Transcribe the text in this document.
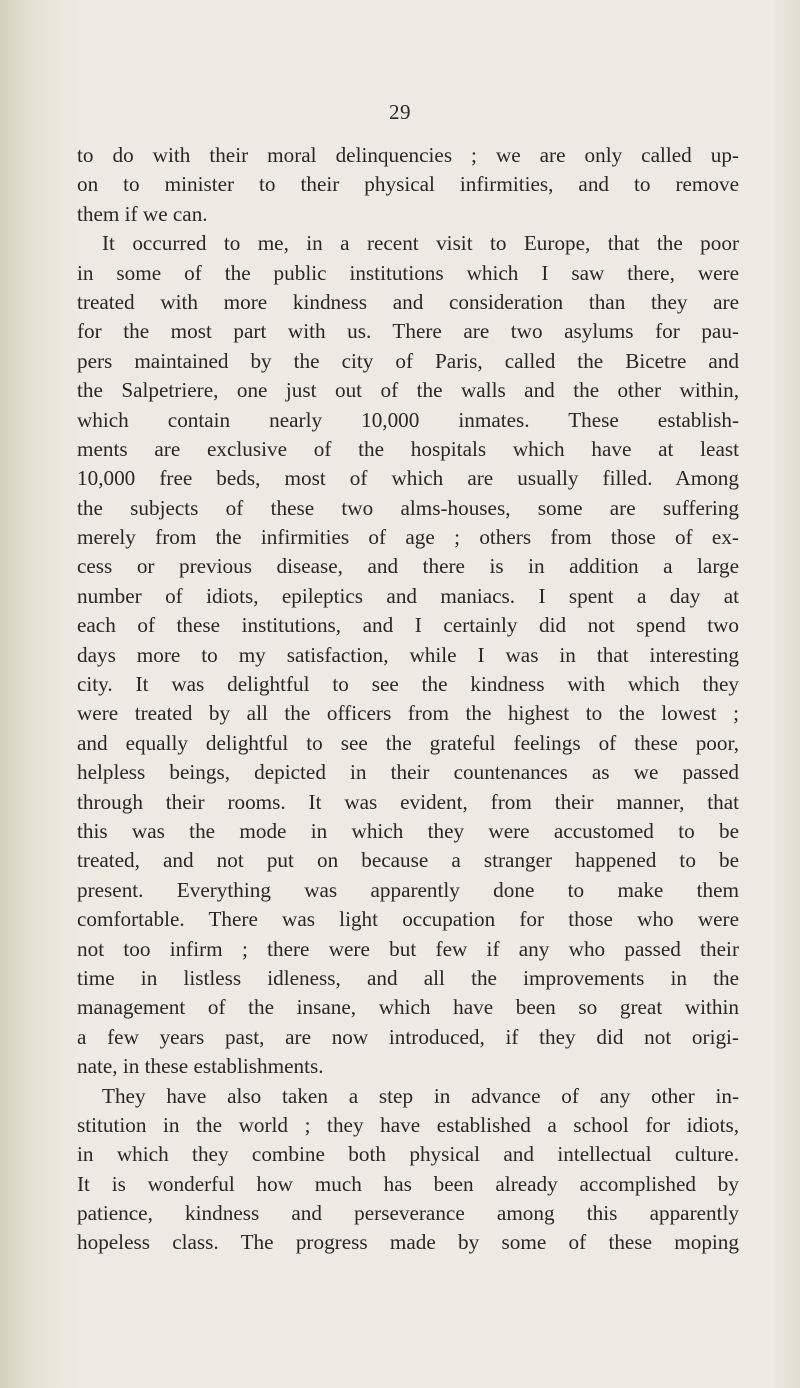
29
to do with their moral delinquencies ; we are only called up-
on to minister to their physical infirmities, and to remove
them if we can.
It occurred to me, in a recent visit to Europe, that the poor
in some of the public institutions which I saw there, were
treated with more kindness and consideration than they are
for the most part with us. There are two asylums for pau-
pers maintained by the city of Paris, called the Bicetre and
the Salpetriere, one just out of the walls and the other within,
which contain nearly 10,000 inmates. These establish-
ments are exclusive of the hospitals which have at least
10,000 free beds, most of which are usually filled. Among
the subjects of these two alms-houses, some are suffering
merely from the infirmities of age ; others from those of ex-
cess or previous disease, and there is in addition a large
number of idiots, epileptics and maniacs. I spent a day at
each of these institutions, and I certainly did not spend two
days more to my satisfaction, while I was in that interesting
city. It was delightful to see the kindness with which they
were treated by all the officers from the highest to the lowest ;
and equally delightful to see the grateful feelings of these poor,
helpless beings, depicted in their countenances as we passed
through their rooms. It was evident, from their manner, that
this was the mode in which they were accustomed to be
treated, and not put on because a stranger happened to be
present. Everything was apparently done to make them
comfortable. There was light occupation for those who were
not too infirm ; there were but few if any who passed their
time in listless idleness, and all the improvements in the
management of the insane, which have been so great within
a few years past, are now introduced, if they did not origi-
nate, in these establishments.
They have also taken a step in advance of any other in-
stitution in the world ; they have established a school for idiots,
in which they combine both physical and intellectual culture.
It is wonderful how much has been already accomplished by
patience, kindness and perseverance among this apparently
hopeless class. The progress made by some of these moping
